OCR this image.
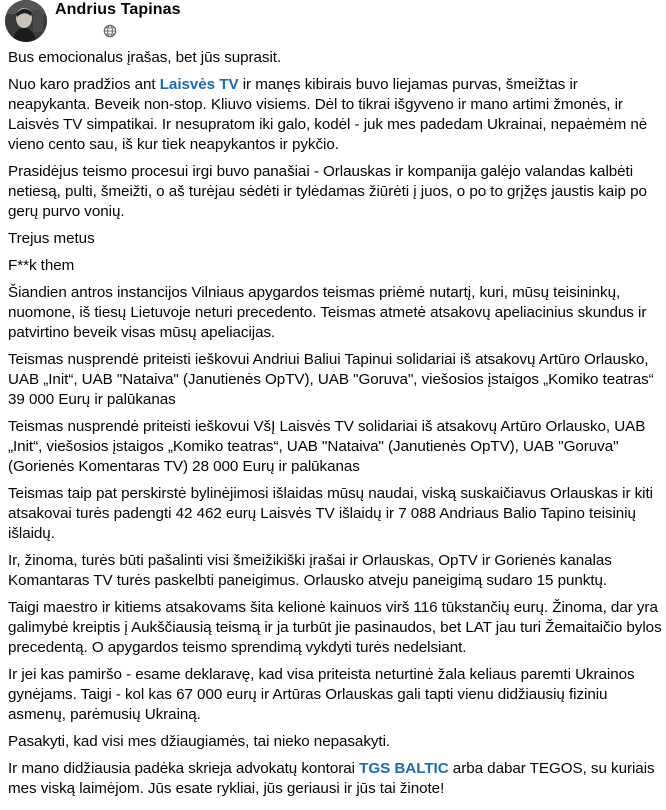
Andrius Tapinas

Bus emocionalus įrašas, bet jūs suprasit.

Nuo karo pradžios ant Laisvės TV ir manęs kibirais buvo liejamas purvas, šmeižtas ir neapykanta. Beveik non-stop. Kliuvo visiems. Dėl to tikrai išgyveno ir mano artimi žmonės, ir Laisvės TV simpatikai. Ir nesupratom iki galo, kodėl - juk mes padedam Ukrainai, nepaėmėm nė vieno cento sau, iš kur tiek neapykantos ir pykčio.

Prasidėjus teismo procesui irgi buvo panašiai - Orlauskas ir kompanija galėjo valandas kalbėti netiesą, pulti, šmeižti, o aš turėjau sėdėti ir tylėdamas žiūrėti į juos, o po to grįžęs jaustis kaip po gerų purvo vonių.

Trejus metus

F**k them

Šiandien antros instancijos Vilniaus apygardos teismas priėmė nutartį, kuri, mūsų teisininkų, nuomone, iš tiesų Lietuvoje neturi precedento. Teismas atmetė atsakovų apeliacinius skundus ir patvirtino beveik visas mūsų apeliacijas.

Teismas nusprendė priteisti ieškovui Andriui Baliui Tapinui solidariai iš atsakovų Artūro Orlausko, UAB „Init“, UAB "Nataiva" (Janutienės OpTV), UAB "Goruva", viešosios įstaigos „Komiko teatras“ 39 000 Eurų ir palūkanas

Teismas nusprendė priteisti ieškovui VšĮ Laisvės TV solidariai iš atsakovų Artūro Orlausko, UAB „Init“, viešosios įstaigos „Komiko teatras“, UAB "Nataiva" (Janutienės OpTV), UAB "Goruva" (Gorienės Komentaras TV) 28 000 Eurų ir palūkanas

Teismas taip pat perskirstė bylinėjimosi išlaidas mūsų naudai, viską suskaičiavus Orlauskas ir kiti atsakovai turės padengti 42 462 eurų Laisvės TV išlaidų ir 7 088 Andriaus Balio Tapino teisinių išlaidų.

Ir, žinoma, turės būti pašalinti visi šmeižikiški įrašai ir Orlauskas, OpTV ir Gorienės kanalas Komantaras TV turės paskelbti paneigimus. Orlausko atveju paneigimą sudaro 15 punktų.

Taigi maestro ir kitiems atsakovams šita kelionė kainuos virš 116 tūkstančių eurų. Žinoma, dar yra galimybė kreiptis į Aukščiausią teismą ir ja turbūt jie pasinaudos, bet LAT jau turi Žemaitaičio bylos precedentą. O apygardos teismo sprendimą vykdyti turės nedelsiant.

Ir jei kas pamiršo - esame deklaravę, kad visa priteista neturtinė žala keliaus paremti Ukrainos gynėjams. Taigi - kol kas 67 000 eurų ir Artūras Orlauskas gali tapti vienu didžiausių fiziniu asmenų, parėmusių Ukrainą.

Pasakyti, kad visi mes džiaugiamės, tai nieko nepasakyti.

Ir mano didžiausia padėka skrieja advokatų kontorai TGS BALTIC arba dabar TEGOS, su kuriais mes viską laimėjom. Jūs esate rykliai, jūs geriausi ir jūs tai žinote!
